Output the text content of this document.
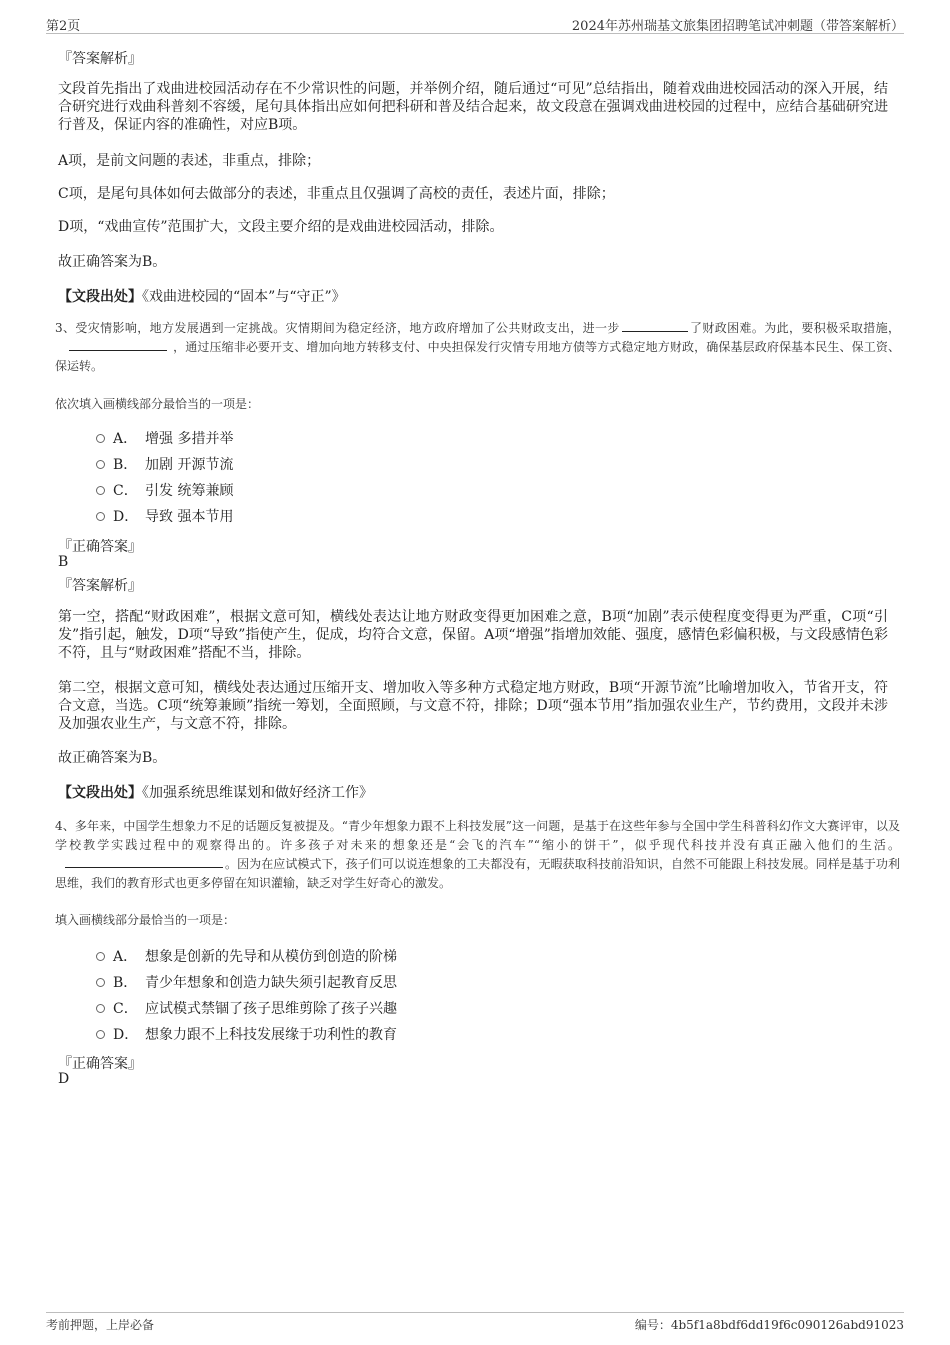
第2页	2024年苏州瑞基文旅集团招聘笔试冲刺题（带答案解析）
『答案解析』
文段首先指出了戏曲进校园活动存在不少常识性的问题，并举例介绍，随后通过“可见”总结指出，随着戏曲进校园活动的深入开展，结合研究进行戏曲科普刻不容缓，尾句具体指出应如何把科研和普及结合起来，故文段意在强调戏曲进校园的过程中，应结合基础研究进行普及，保证内容的准确性，对应B项。
A项，是前文问题的表述，非重点，排除；
C项，是尾句具体如何去做部分的表述，非重点且仅强调了高校的责任，表述片面，排除；
D项，“戏曲宣传”范围扩大，文段主要介绍的是戏曲进校园活动，排除。
故正确答案为B。
【文段出处】《戏曲进校园的“固本”与“守正”》
3、受灾情影响，地方发展遇到一定挑战。灾情期间为稳定经济，地方政府增加了公共财政支出，进一步	了财政困难。为此，要积极采取措施，，通过压缩非必要开支、增加向地方转移支付、中央担保发行灾情专用地方债等方式稳定地方财政，确保基层政府保基本民生、保工资、保运转。
依次填入画横线部分最恰当的一项是：
A． 增强 多措并举
B． 加剧 开源节流
C． 引发 统筹兼顾
D． 导致 强本节用
『正确答案』
B
『答案解析』
第一空，搭配“财政困难”，根据文意可知，横线处表达让地方财政变得更加困难之意，B项“加剧”表示使程度变得更为严重，C项“引发”指引起，触发，D项“导致”指使产生，促成，均符合文意，保留。A项“增强”指增加效能、强度，感情色彩偏积极，与文段感情色彩不符，且与“财政困难”搭配不当，排除。
第二空，根据文意可知，横线处表达通过压缩开支、增加收入等多种方式稳定地方财政，B项“开源节流”比喻增加收入，节省开支，符合文意，当选。C项“统筹兼顾”指统一筹划，全面照顾，与文意不符，排除；D项“强本节用”指加强农业生产，节约费用，文段并未涉及加强农业生产，与文意不符，排除。
故正确答案为B。
【文段出处】《加强系统思维谋划和做好经济工作》
4、多年来，中国学生想象力不足的话题反复被提及。“青少年想象力跟不上科技发展”这一问题，是基于在这些年参与全国中学生科普科幻作文大赛评审，以及学校教学实践过程中的观察得出的。许多孩子对未来的想象还是“会飞的汽车”“缩小的饼干”，似乎现代科技并没有真正融入他们的生活。。因为在应试模式下，孩子们可以说连想象的工夫都没有，无暇获取科技前沿知识，自然不可能跟上科技发展。同样是基于功利思维，我们的教育形式也更多停留在知识灌输，缺乏对学生好奇心的激发。
填入画横线部分最恰当的一项是：
A． 想象是创新的先导和从模仿到创造的阶梯
B． 青少年想象和创造力缺失须引起教育反思
C． 应试模式禁锢了孩子思维剪除了孩子兴趣
D． 想象力跟不上科技发展缘于功利性的教育
『正确答案』
D
考前押题，上岸必备	编号：4b5f1a8bdf6dd19f6c090126abd91023
